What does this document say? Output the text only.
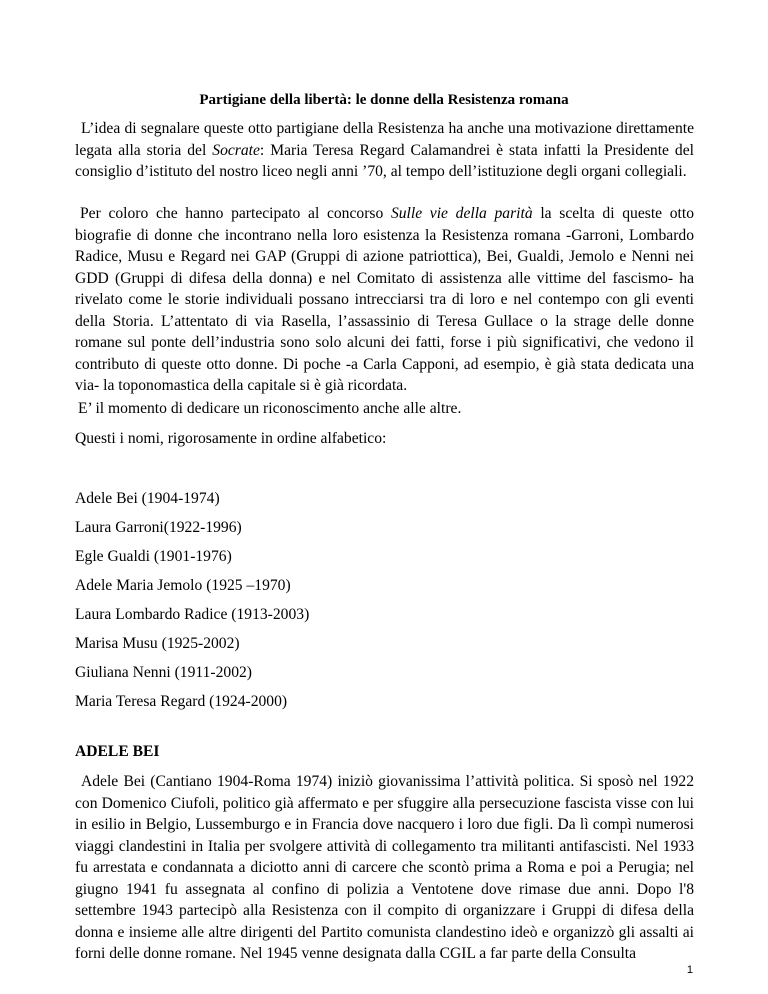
Partigiane della libertà: le donne della Resistenza romana

L’idea di segnalare queste otto partigiane della Resistenza ha anche una motivazione direttamente legata alla storia del Socrate: Maria Teresa Regard Calamandrei è stata infatti la Presidente del consiglio d’istituto del nostro liceo negli anni ’70, al tempo dell’istituzione degli organi collegiali.

Per coloro che hanno partecipato al concorso Sulle vie della parità la scelta di queste otto biografie di donne che incontrano nella loro esistenza la Resistenza romana -Garroni, Lombardo Radice, Musu e Regard nei GAP (Gruppi di azione patriottica), Bei, Gualdi, Jemolo e Nenni nei GDD (Gruppi di difesa della donna) e nel Comitato di assistenza alle vittime del fascismo- ha rivelato come le storie individuali possano intrecciarsi tra di loro e nel contempo con gli eventi della Storia. L’attentato di via Rasella, l’assassinio di Teresa Gullace o la strage delle donne romane sul ponte dell’industria sono solo alcuni dei fatti, forse i più significativi, che vedono il contributo di queste otto donne. Di poche -a Carla Capponi, ad esempio, è già stata dedicata una via- la toponomastica della capitale si è già ricordata.

E’ il momento di dedicare un riconoscimento anche alle altre.

Questi i nomi, rigorosamente in ordine alfabetico:

Adele Bei (1904-1974)

Laura Garroni(1922-1996)

Egle Gualdi (1901-1976)

Adele Maria Jemolo (1925 –1970)

Laura Lombardo Radice (1913-2003)

Marisa Musu (1925-2002)

Giuliana Nenni (1911-2002)

ADELE BEI

Adele Bei (Cantiano 1904-Roma 1974) iniziò giovanissima l’attività politica. Si sposò nel 1922 con Domenico Ciufoli, politico già affermato e per sfuggire alla persecuzione fascista visse con lui in esilio in Belgio, Lussemburgo e in Francia dove nacquero i loro due figli. Da lì compì numerosi viaggi clandestini in Italia per svolgere attività di collegamento tra militanti antifascisti. Nel 1933 fu arrestata e condannata a diciotto anni di carcere che scontò prima a Roma e poi a Perugia; nel giugno 1941 fu assegnata al confino di polizia a Ventotene dove rimase due anni. Dopo l'8 settembre 1943 partecipò alla Resistenza con il compito di organizzare i Gruppi di difesa della donna e insieme alle altre dirigenti del Partito comunista clandestino ideò e organizzò gli assalti ai forni delle donne romane. Nel 1945 venne designata dalla CGIL a far parte della Consulta

1

Maria Teresa Regard (1924-2000)
